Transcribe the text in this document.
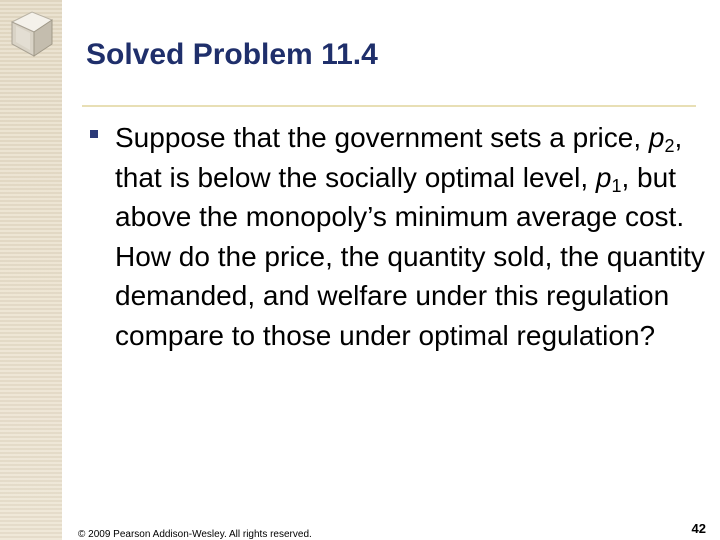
Solved Problem 11.4

Suppose that the government sets a price, $p_2$, that is below the socially optimal level, $p_1$, but above the monopoly’s minimum average cost. How do the price, the quantity sold, the quantity demanded, and welfare under this regulation compare to those under optimal regulation?

© 2009 Pearson Addison-Wesley. All rights reserved.	42
